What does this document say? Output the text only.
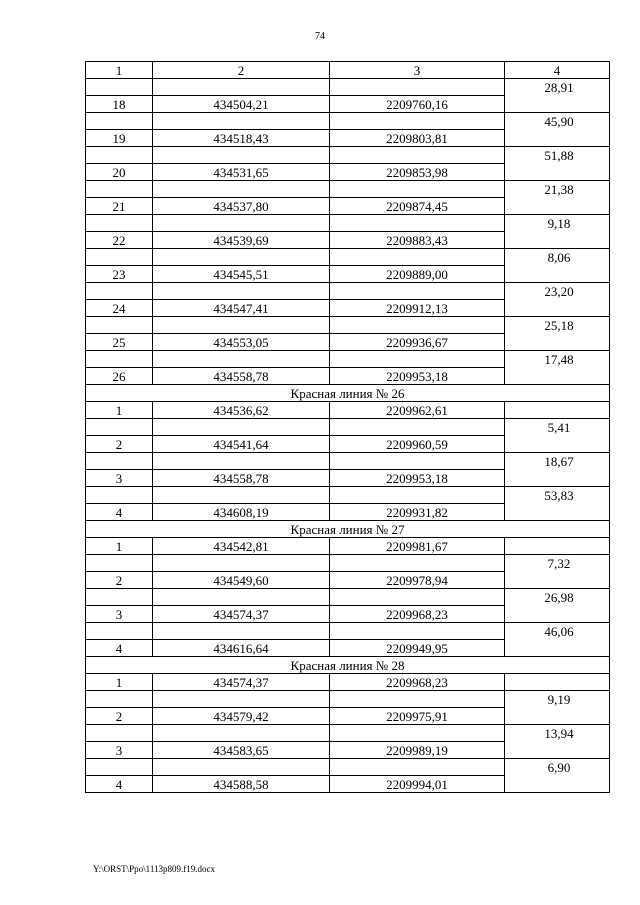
74
1	2	3	4
			28,91
18	434504,21	2209760,16	
			45,90
19	434518,43	2209803,81	
			51,88
20	434531,65	2209853,98	
			21,38
21	434537,80	2209874,45	
			9,18
22	434539,69	2209883,43	
			8,06
23	434545,51	2209889,00	
			23,20
24	434547,41	2209912,13	
			25,18
25	434553,05	2209936,67	
			17,48
26	434558,78	2209953,18	
Красная линия № 26			
1	434536,62	2209962,61	
			5,41
2	434541,64	2209960,59	
			18,67
3	434558,78	2209953,18	
			53,83
4	434608,19	2209931,82	
Красная линия № 27			
1	434542,81	2209981,67	
			7,32
2	434549,60	2209978,94	
			26,98
3	434574,37	2209968,23	
			46,06
4	434616,64	2209949,95	
Красная линия № 28			
1	434574,37	2209968,23	
			9,19
2	434579,42	2209975,91	
			13,94
3	434583,65	2209989,19	
			6,90
4	434588,58	2209994,01	
Y:\ORST\Ppo\1113p809.f19.docx
